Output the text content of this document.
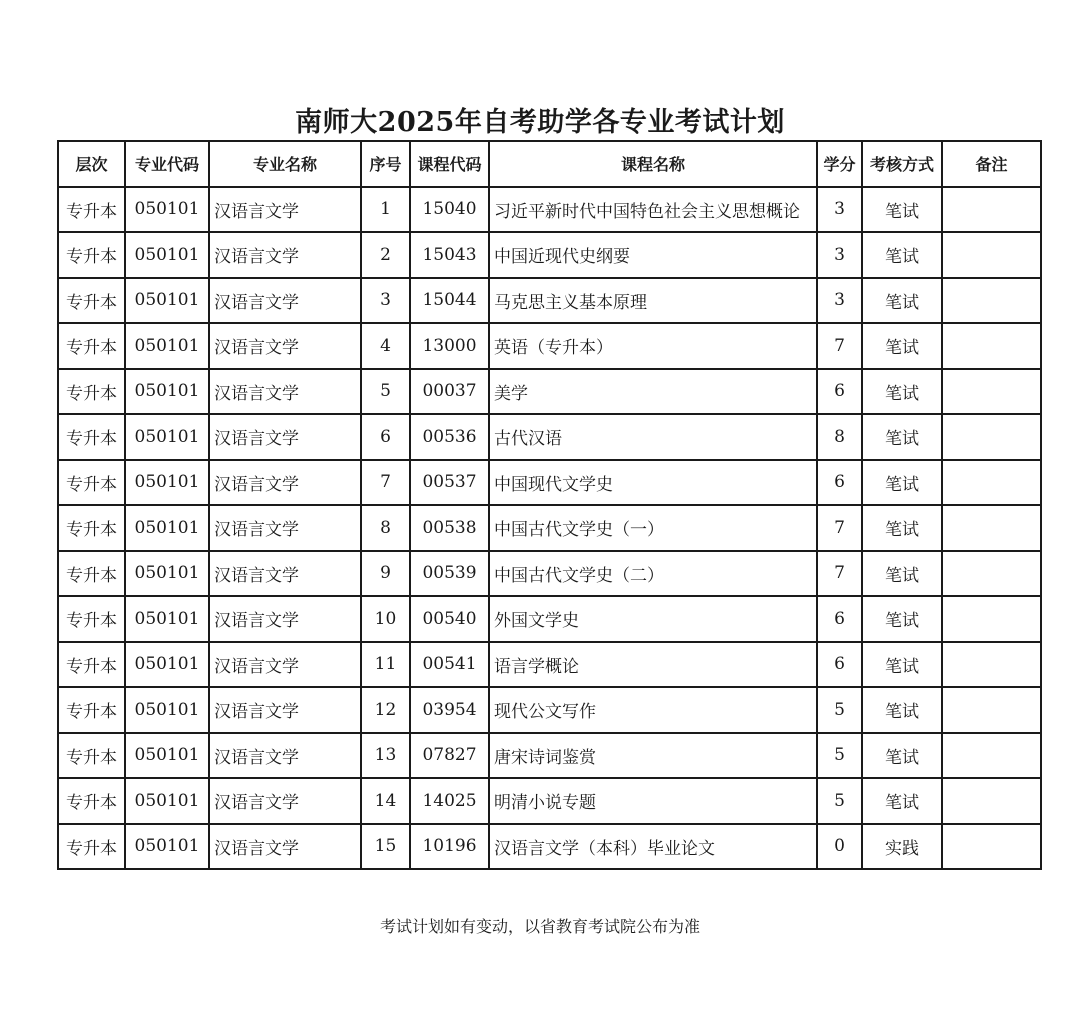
南师大2025年自考助学各专业考试计划
层次	专业代码	专业名称	序号	课程代码	课程名称	学分	考核方式	备注
专升本	050101	汉语言文学	1	15040	习近平新时代中国特色社会主义思想概论	3	笔试	
专升本	050101	汉语言文学	2	15043	中国近现代史纲要	3	笔试	
专升本	050101	汉语言文学	3	15044	马克思主义基本原理	3	笔试	
专升本	050101	汉语言文学	4	13000	英语（专升本）	7	笔试	
专升本	050101	汉语言文学	5	00037	美学	6	笔试	
专升本	050101	汉语言文学	6	00536	古代汉语	8	笔试	
专升本	050101	汉语言文学	7	00537	中国现代文学史	6	笔试	
专升本	050101	汉语言文学	8	00538	中国古代文学史（一）	7	笔试	
专升本	050101	汉语言文学	9	00539	中国古代文学史（二）	7	笔试	
专升本	050101	汉语言文学	10	00540	外国文学史	6	笔试	
专升本	050101	汉语言文学	11	00541	语言学概论	6	笔试	
专升本	050101	汉语言文学	12	03954	现代公文写作	5	笔试	
专升本	050101	汉语言文学	13	07827	唐宋诗词鉴赏	5	笔试	
专升本	050101	汉语言文学	14	14025	明清小说专题	5	笔试	
专升本	050101	汉语言文学	15	10196	汉语言文学（本科）毕业论文	0	实践	
考试计划如有变动，以省教育考试院公布为准
